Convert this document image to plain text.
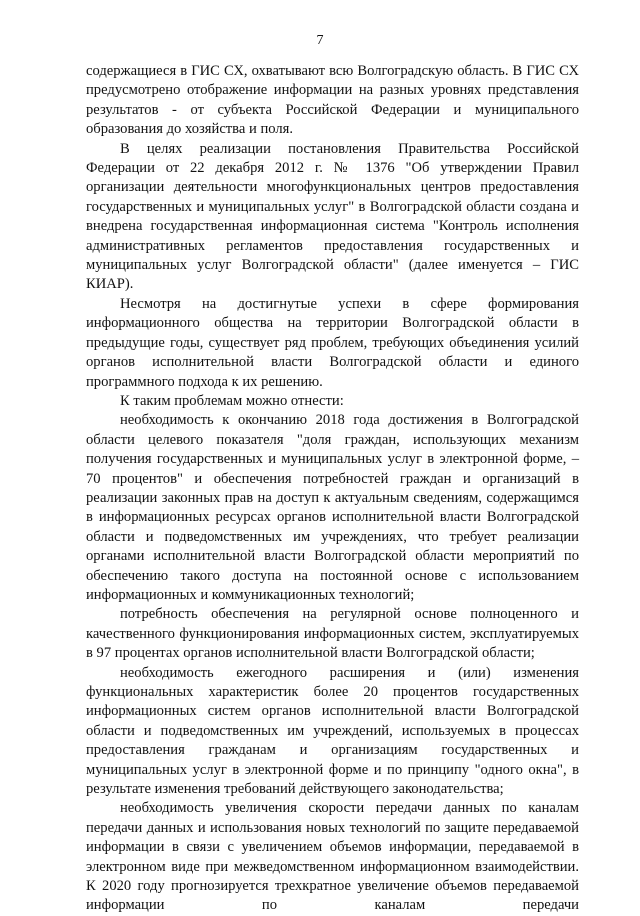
7

содержащиеся в ГИС СХ, охватывают всю Волгоградскую область. В ГИС СХ предусмотрено отображение информации на разных уровнях представления результатов - от субъекта Российской Федерации и муниципального образования до хозяйства и поля.

В целях реализации постановления Правительства Российской Федерации от 22 декабря 2012 г. № 1376 "Об утверждении Правил организации деятельности многофункциональных центров предоставления государственных и муниципальных услуг" в Волгоградской области создана и внедрена государственная информационная система "Контроль исполнения административных регламентов предоставления государственных и муниципальных услуг Волгоградской области" (далее именуется – ГИС КИАР).

Несмотря на достигнутые успехи в сфере формирования информационного общества на территории Волгоградской области в предыдущие годы, существует ряд проблем, требующих объединения усилий органов исполнительной власти Волгоградской области и единого программного подхода к их решению.

К таким проблемам можно отнести:

необходимость к окончанию 2018 года достижения в Волгоградской области целевого показателя "доля граждан, использующих механизм получения государственных и муниципальных услуг в электронной форме, – 70 процентов" и обеспечения потребностей граждан и организаций в реализации законных прав на доступ к актуальным сведениям, содержащимся в информационных ресурсах органов исполнительной власти Волгоградской области и подведомственных им учреждениях, что требует реализации органами исполнительной власти Волгоградской области мероприятий по обеспечению такого доступа на постоянной основе с использованием информационных и коммуникационных технологий;

потребность обеспечения на регулярной основе полноценного и качественного функционирования информационных систем, эксплуатируемых в 97 процентах органов исполнительной власти Волгоградской области;

необходимость ежегодного расширения и (или) изменения функциональных характеристик более 20 процентов государственных информационных систем органов исполнительной власти Волгоградской области и подведомственных им учреждений, используемых в процессах предоставления гражданам и организациям государственных и муниципальных услуг в электронной форме и по принципу "одного окна", в результате изменения требований действующего законодательства;

необходимость увеличения скорости передачи данных по каналам передачи данных и использования новых технологий по защите передаваемой информации в связи с увеличением объемов информации, передаваемой в электронном виде при межведомственном информационном взаимодействии. К 2020 году прогнозируется трехкратное увеличение объемов передаваемой информации по каналам передачи
